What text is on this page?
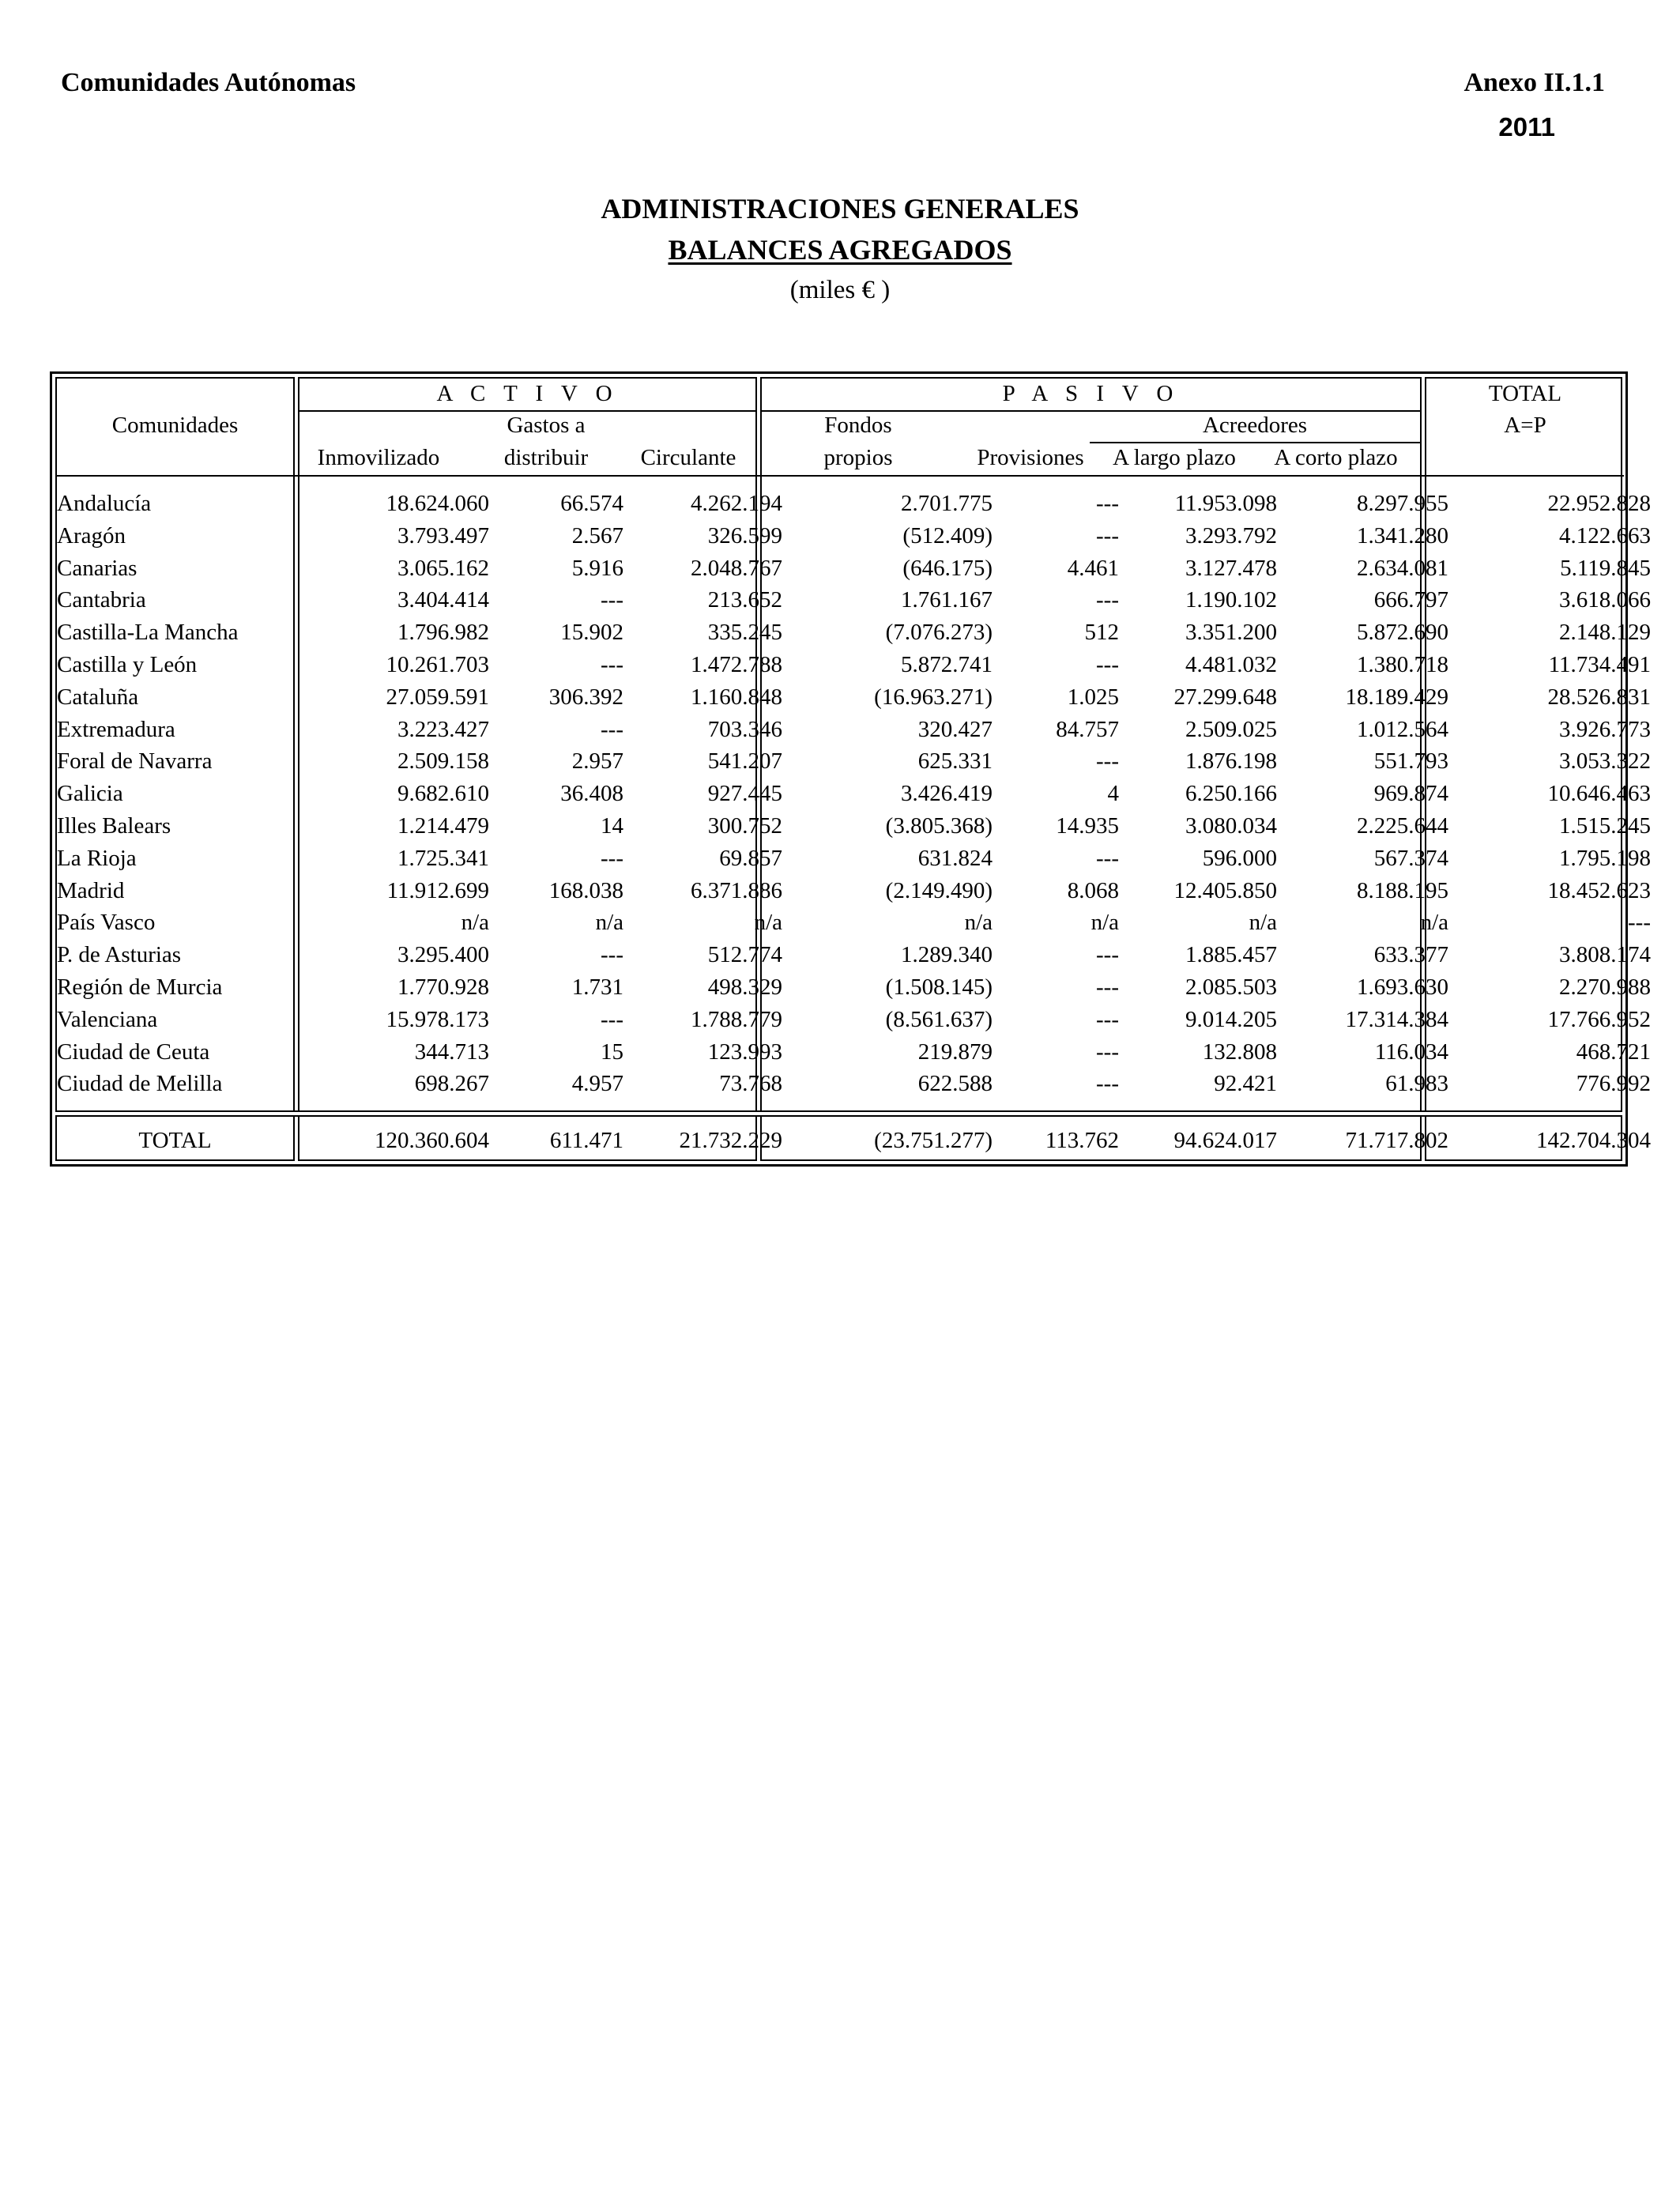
Comunidades Autónomas	Anexo II.1.1
2011
ADMINISTRACIONES GENERALES
BALANCES AGREGADOS
(miles € )
A C T I V O	P A S I V O	TOTAL
A=P
Comunidades
Inmovilizado
Gastos a
distribuir	Circulante
Fondos
propios	Provisiones
Acreedores
A largo plazo	A corto plazo
Andalucía	18.624.060	66.574	4.262.194	2.701.775	---	11.953.098	8.297.955	22.952.828
Aragón	3.793.497	2.567	326.599	(512.409)	---	3.293.792	1.341.280	4.122.663
Canarias	3.065.162	5.916	2.048.767	(646.175)	4.461	3.127.478	2.634.081	5.119.845
Cantabria	3.404.414	---	213.652	1.761.167	---	1.190.102	666.797	3.618.066
Castilla-La Mancha	1.796.982	15.902	335.245	(7.076.273)	512	3.351.200	5.872.690	2.148.129
Castilla y León	10.261.703	---	1.472.788	5.872.741	---	4.481.032	1.380.718	11.734.491
Cataluña	27.059.591	306.392	1.160.848	(16.963.271)	1.025	27.299.648	18.189.429	28.526.831
Extremadura	3.223.427	---	703.346	320.427	84.757	2.509.025	1.012.564	3.926.773
Foral de Navarra	2.509.158	2.957	541.207	625.331	---	1.876.198	551.793	3.053.322
Galicia	9.682.610	36.408	927.445	3.426.419	4	6.250.166	969.874	10.646.463
Illes Balears	1.214.479	14	300.752	(3.805.368)	14.935	3.080.034	2.225.644	1.515.245
La Rioja	1.725.341	---	69.857	631.824	---	596.000	567.374	1.795.198
Madrid	11.912.699	168.038	6.371.886	(2.149.490)	8.068	12.405.850	8.188.195	18.452.623
País Vasco	n/a	n/a	n/a	n/a	n/a	n/a	n/a	---
P. de Asturias	3.295.400	---	512.774	1.289.340	---	1.885.457	633.377	3.808.174
Región de Murcia	1.770.928	1.731	498.329	(1.508.145)	---	2.085.503	1.693.630	2.270.988
Valenciana	15.978.173	---	1.788.779	(8.561.637)	---	9.014.205	17.314.384	17.766.952
Ciudad de Ceuta	344.713	15	123.993	219.879	---	132.808	116.034	468.721
Ciudad de Melilla	698.267	4.957	73.768	622.588	---	92.421	61.983	776.992
TOTAL	120.360.604	611.471	21.732.229	(23.751.277)	113.762	94.624.017	71.717.802	142.704.304
